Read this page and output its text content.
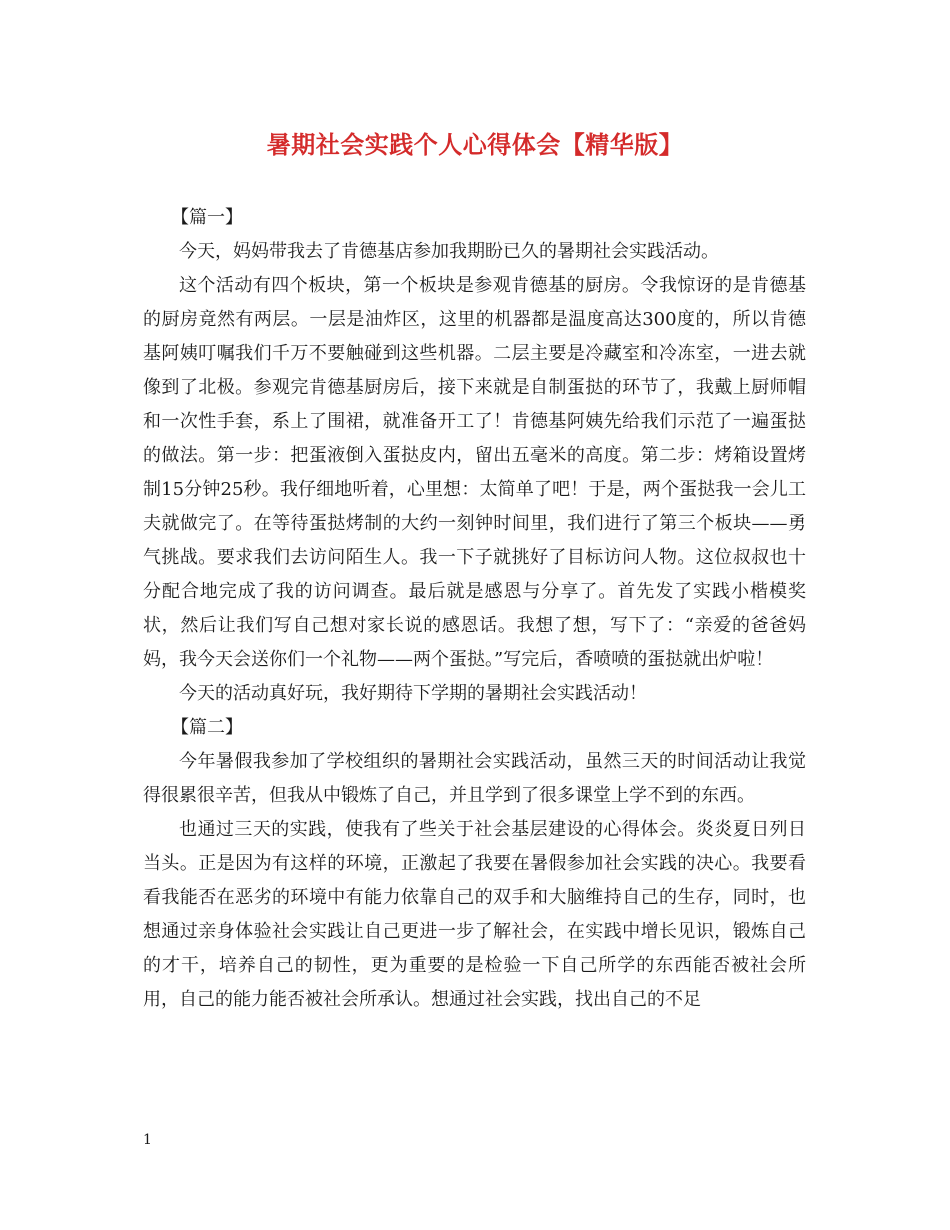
暑期社会实践个人心得体会【精华版】

【篇一】

今天，妈妈带我去了肯德基店参加我期盼已久的暑期社会实践活动。

这个活动有四个板块，第一个板块是参观肯德基的厨房。令我惊讶的是肯德基的厨房竟然有两层。一层是油炸区，这里的机器都是温度高达300度的，所以肯德基阿姨叮嘱我们千万不要触碰到这些机器。二层主要是冷藏室和冷冻室，一进去就像到了北极。参观完肯德基厨房后，接下来就是自制蛋挞的环节了，我戴上厨师帽和一次性手套，系上了围裙，就准备开工了！肯德基阿姨先给我们示范了一遍蛋挞的做法。第一步：把蛋液倒入蛋挞皮内，留出五毫米的高度。第二步：烤箱设置烤制15分钟25秒。我仔细地听着，心里想：太简单了吧！于是，两个蛋挞我一会儿工夫就做完了。在等待蛋挞烤制的大约一刻钟时间里，我们进行了第三个板块——勇气挑战。要求我们去访问陌生人。我一下子就挑好了目标访问人物。这位叔叔也十分配合地完成了我的访问调查。最后就是感恩与分享了。首先发了实践小楷模奖状，然后让我们写自己想对家长说的感恩话。我想了想，写下了：“亲爱的爸爸妈妈，我今天会送你们一个礼物——两个蛋挞。”写完后，香喷喷的蛋挞就出炉啦！

今天的活动真好玩，我好期待下学期的暑期社会实践活动！

【篇二】

今年暑假我参加了学校组织的暑期社会实践活动，虽然三天的时间活动让我觉得很累很辛苦，但我从中锻炼了自己，并且学到了很多课堂上学不到的东西。

也通过三天的实践，使我有了些关于社会基层建设的心得体会。炎炎夏日列日当头。正是因为有这样的环境，正激起了我要在暑假参加社会实践的决心。我要看看我能否在恶劣的环境中有能力依靠自己的双手和大脑维持自己的生存，同时，也想通过亲身体验社会实践让自己更进一步了解社会，在实践中增长见识，锻炼自己的才干，培养自己的韧性，更为重要的是检验一下自己所学的东西能否被社会所用，自己的能力能否被社会所承认。想通过社会实践，找出自己的不足

1
